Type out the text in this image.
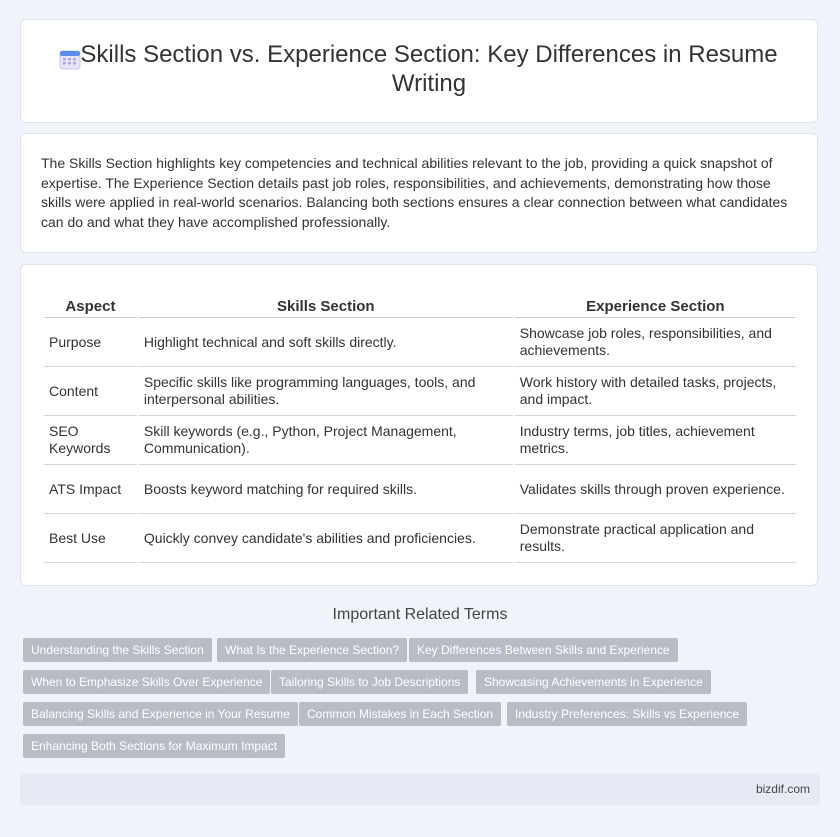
Skills Section vs. Experience Section: Key Differences in Resume Writing

The Skills Section highlights key competencies and technical abilities relevant to the job, providing a quick snapshot of expertise. The Experience Section details past job roles, responsibilities, and achievements, demonstrating how those skills were applied in real-world scenarios. Balancing both sections ensures a clear connection between what candidates can do and what they have accomplished professionally.

Aspect	Skills Section	Experience Section
Purpose	Highlight technical and soft skills directly.	Showcase job roles, responsibilities, and achievements.
Content	Specific skills like programming languages, tools, and interpersonal abilities.	Work history with detailed tasks, projects, and impact.
SEO Keywords	Skill keywords (e.g., Python, Project Management, Communication).	Industry terms, job titles, achievement metrics.
ATS Impact	Boosts keyword matching for required skills.	Validates skills through proven experience.
Best Use	Quickly convey candidate's abilities and proficiencies.	Demonstrate practical application and results.
Important Related Terms
Understanding the Skills Section	What Is the Experience Section?	Key Differences Between Skills and Experience
When to Emphasize Skills Over Experience	Tailoring Skills to Job Descriptions	Showcasing Achievements in Experience
Balancing Skills and Experience in Your Resume	Common Mistakes in Each Section	Industry Preferences: Skills vs Experience
Enhancing Both Sections for Maximum Impact
bizdif.com
